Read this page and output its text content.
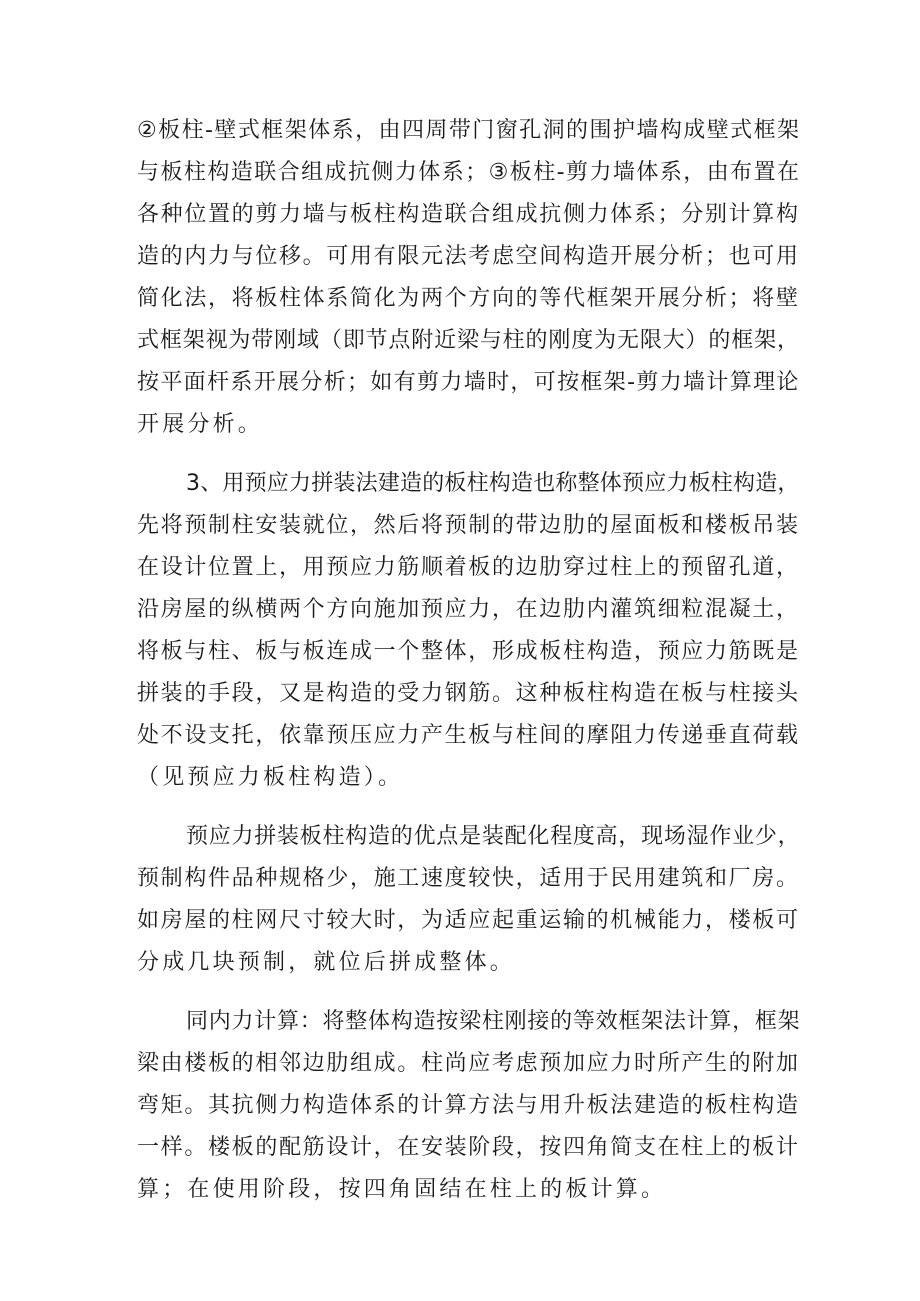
②板柱-壁式框架体系，由四周带门窗孔洞的围护墙构成壁式框架
与板柱构造联合组成抗侧力体系；③板柱-剪力墙体系，由布置在
各种位置的剪力墙与板柱构造联合组成抗侧力体系；分别计算构
造的内力与位移。可用有限元法考虑空间构造开展分析；也可用
简化法，将板柱体系简化为两个方向的等代框架开展分析；将壁
式框架视为带刚域（即节点附近梁与柱的刚度为无限大）的框架，
按平面杆系开展分析；如有剪力墙时，可按框架-剪力墙计算理论
开展分析。
3、用预应力拼装法建造的板柱构造也称整体预应力板柱构造，
先将预制柱安装就位，然后将预制的带边肋的屋面板和楼板吊装
在设计位置上，用预应力筋顺着板的边肋穿过柱上的预留孔道，
沿房屋的纵横两个方向施加预应力，在边肋内灌筑细粒混凝土，
将板与柱、板与板连成一个整体，形成板柱构造，预应力筋既是
拼装的手段，又是构造的受力钢筋。这种板柱构造在板与柱接头
处不设支托，依靠预压应力产生板与柱间的摩阻力传递垂直荷载
（见预应力板柱构造）。
预应力拼装板柱构造的优点是装配化程度高，现场湿作业少，
预制构件品种规格少，施工速度较快，适用于民用建筑和厂房。
如房屋的柱网尺寸较大时，为适应起重运输的机械能力，楼板可
分成几块预制，就位后拼成整体。
同内力计算：将整体构造按梁柱刚接的等效框架法计算，框架
梁由楼板的相邻边肋组成。柱尚应考虑预加应力时所产生的附加
弯矩。其抗侧力构造体系的计算方法与用升板法建造的板柱构造
一样。楼板的配筋设计，在安装阶段，按四角简支在柱上的板计
算；在使用阶段，按四角固结在柱上的板计算。
